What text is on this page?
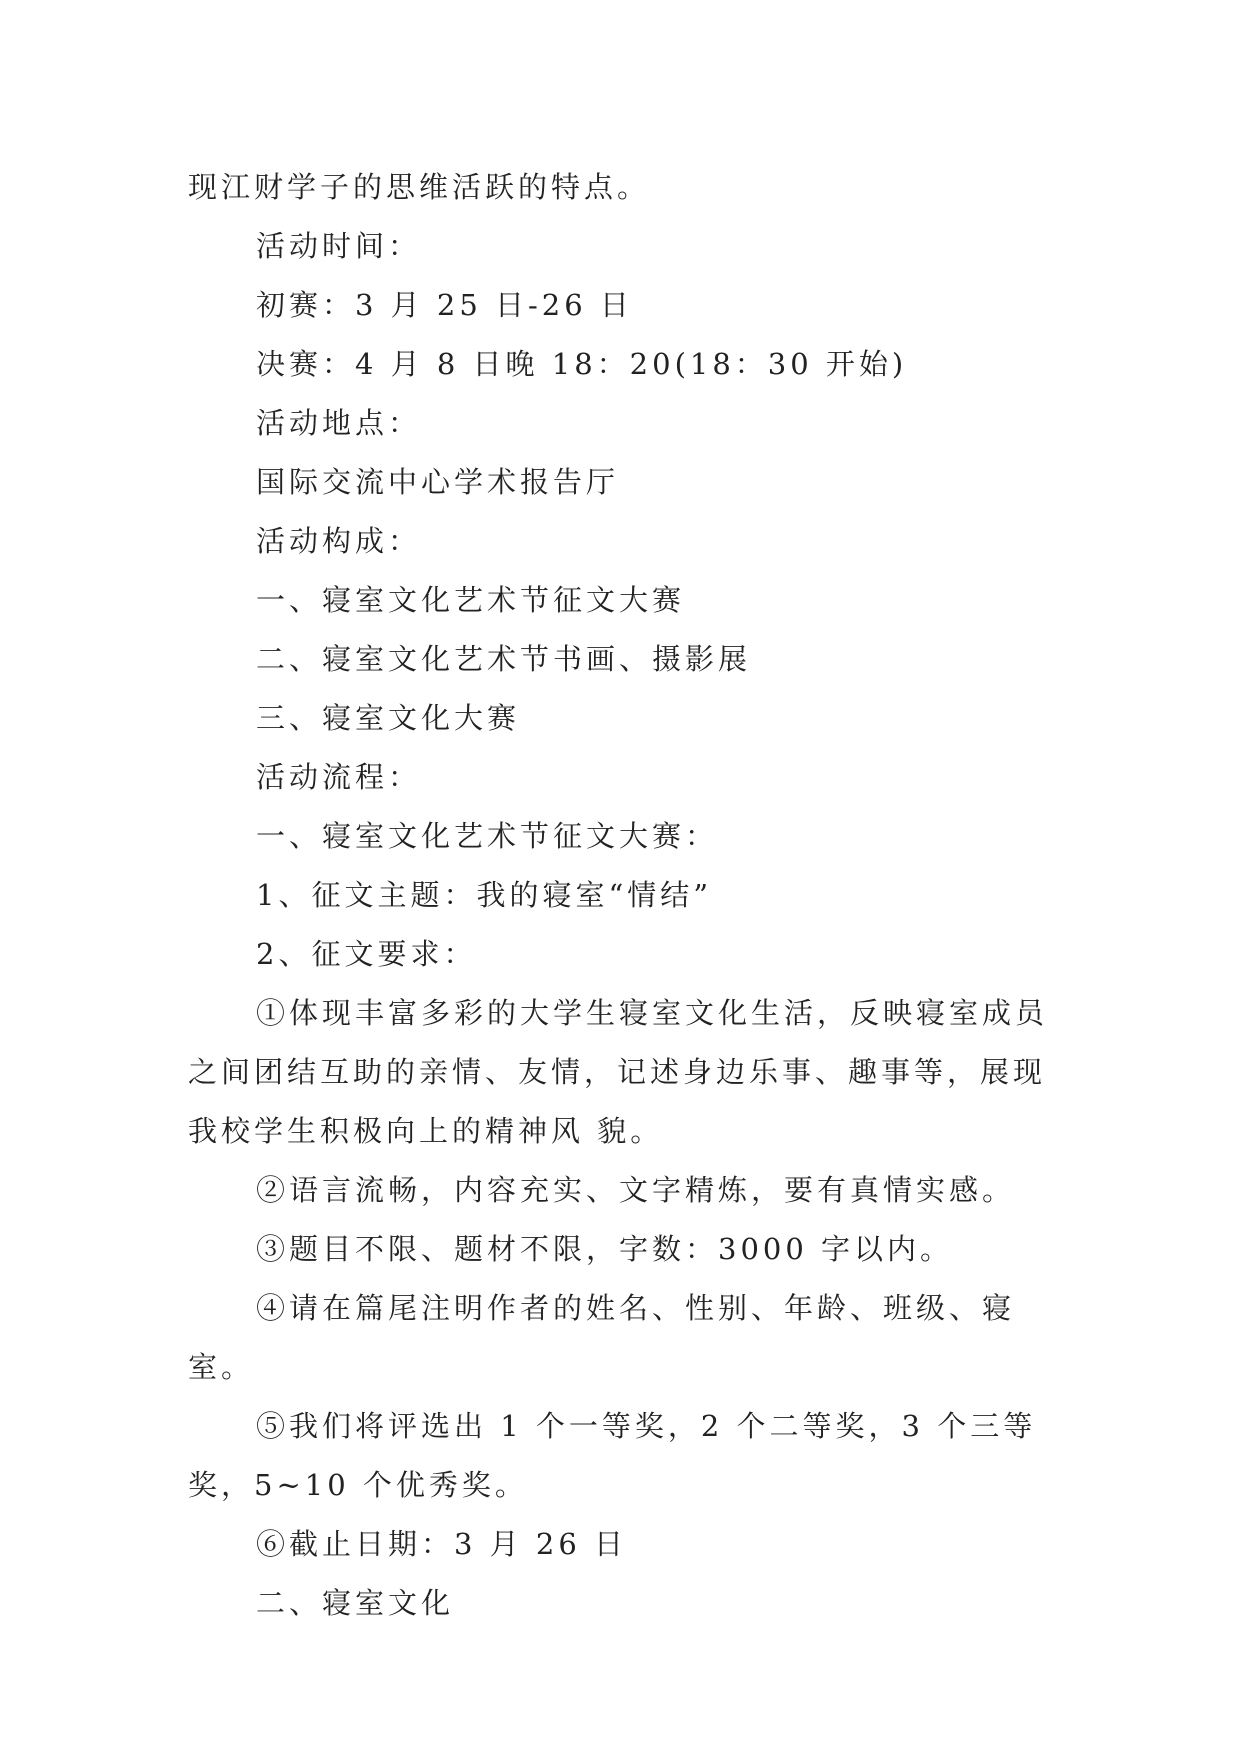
现江财学子的思维活跃的特点。

活动时间：

初赛：3 月 25 日-26 日

决赛：4 月 8 日晚 18：20(18：30 开始)

活动地点：

国际交流中心学术报告厅

活动构成：

一、寝室文化艺术节征文大赛

二、寝室文化艺术节书画、摄影展

三、寝室文化大赛

活动流程：

一、寝室文化艺术节征文大赛：

1、征文主题：我的寝室“情结”

2、征文要求：

①体现丰富多彩的大学生寝室文化生活，反映寝室成员之间团结互助的亲情、友情，记述身边乐事、趣事等，展现我校学生积极向上的精神风 貌。

②语言流畅，内容充实、文字精炼，要有真情实感。

③题目不限、题材不限，字数：3000 字以内。

④请在篇尾注明作者的姓名、性别、年龄、班级、寝室。

⑤我们将评选出 1 个一等奖，2 个二等奖，3 个三等奖，5~10 个优秀奖。

⑥截止日期：3 月 26 日

二、寝室文化
